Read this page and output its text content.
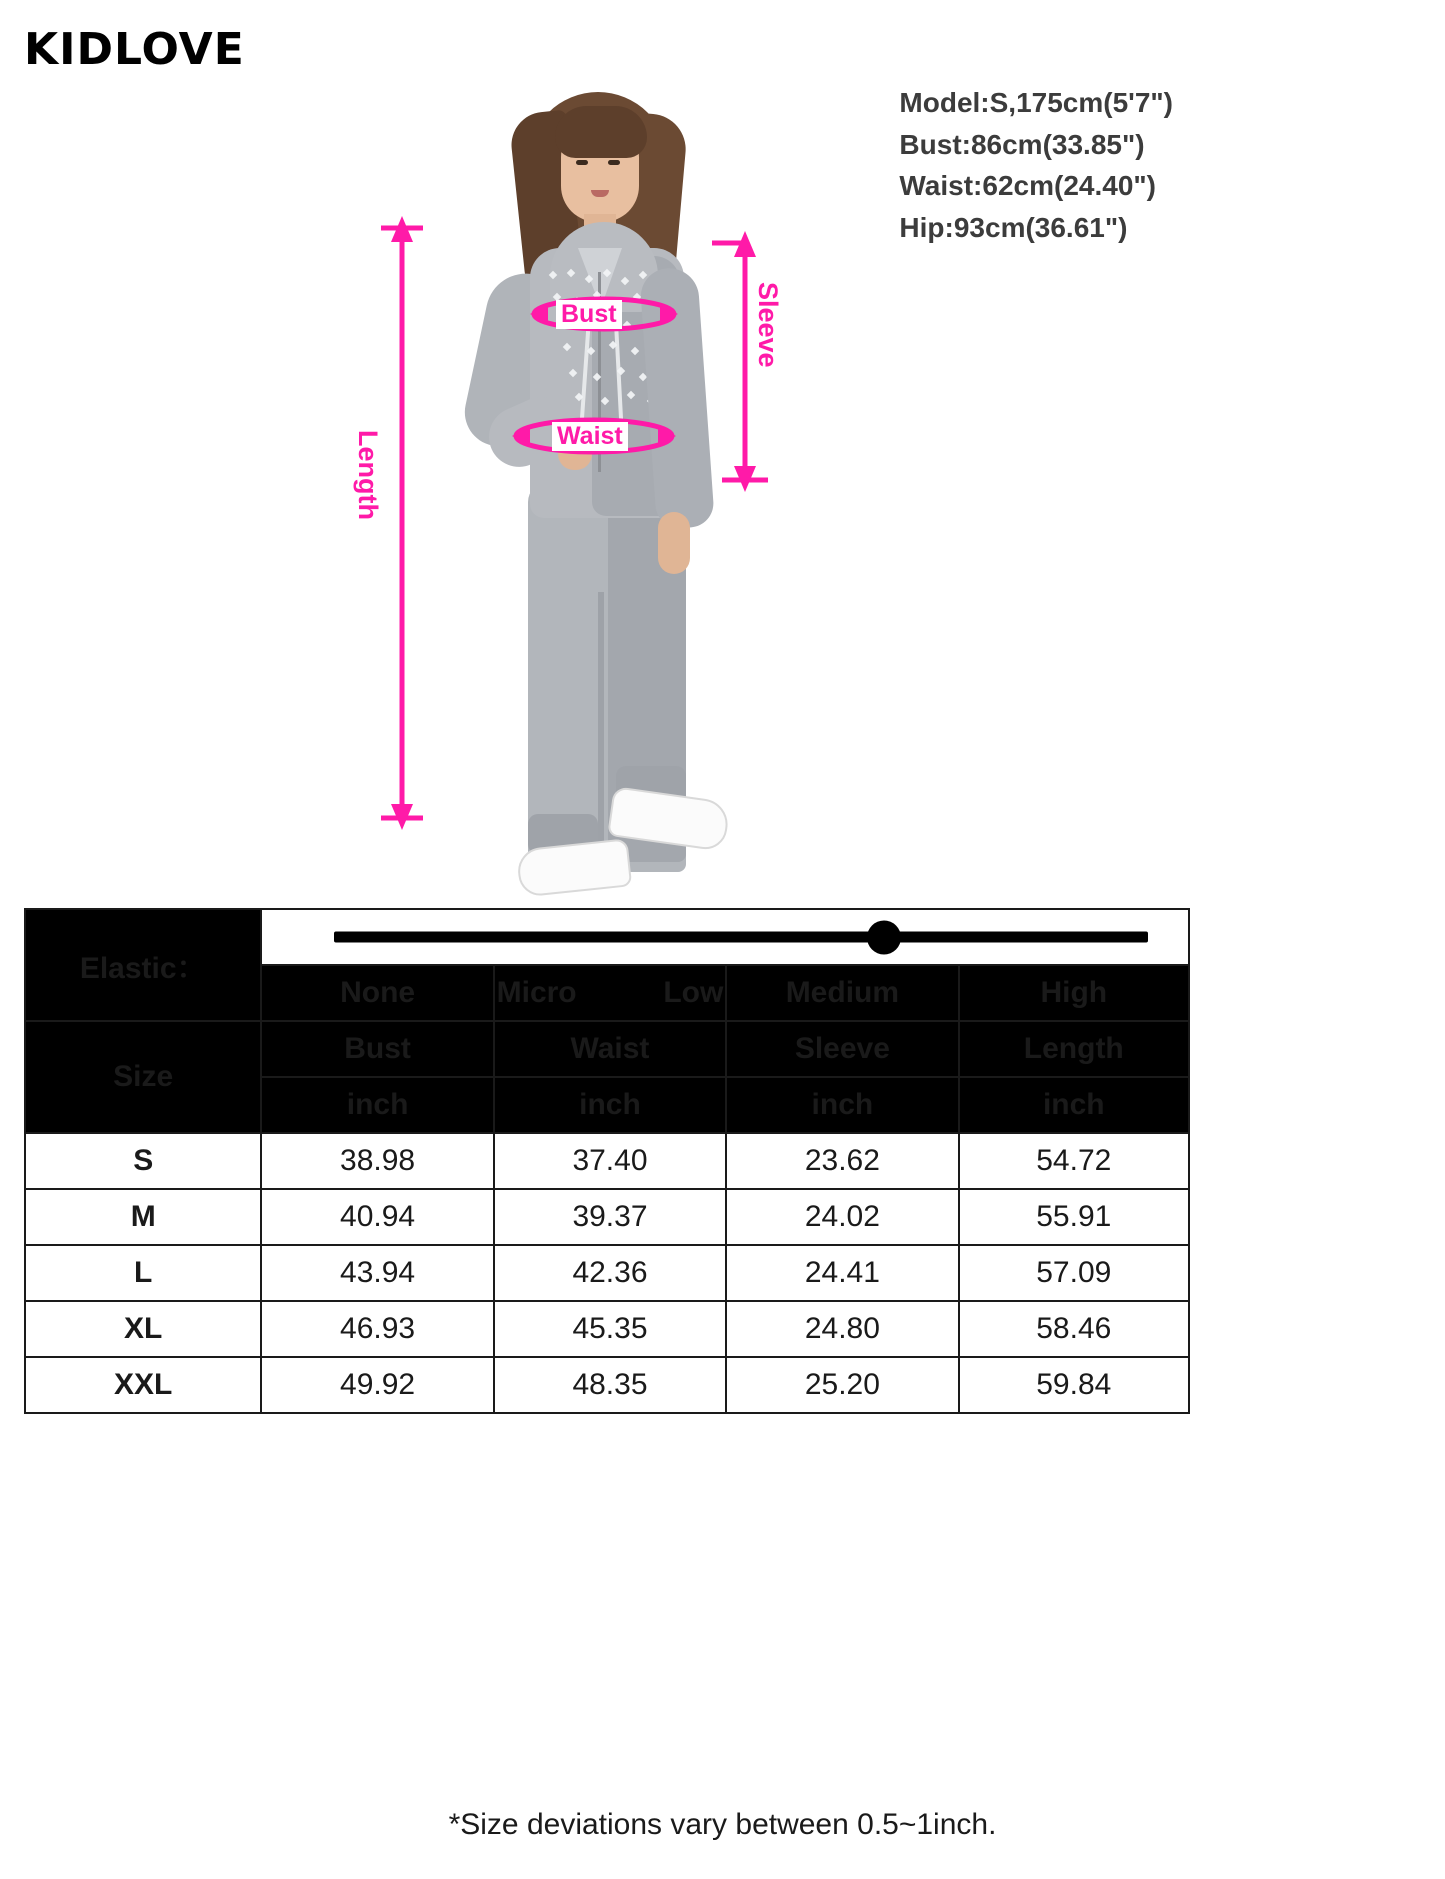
KIDLOVE
Model:S,175cm(5'7")
Bust:86cm(33.85")
Waist:62cm(24.40")
Hip:93cm(36.61")
Length
Sleeve
Bust
Waist
Elastic：				

	None	Micro Low	Medium	High
Size	Bust	Waist	Sleeve	Length
	inch	inch	inch	inch
S	38.98	37.40	23.62	54.72
M	40.94	39.37	24.02	55.91
L	43.94	42.36	24.41	57.09
XL	46.93	45.35	24.80	58.46
XXL	49.92	48.35	25.20	59.84
*Size deviations vary between 0.5~1inch.
